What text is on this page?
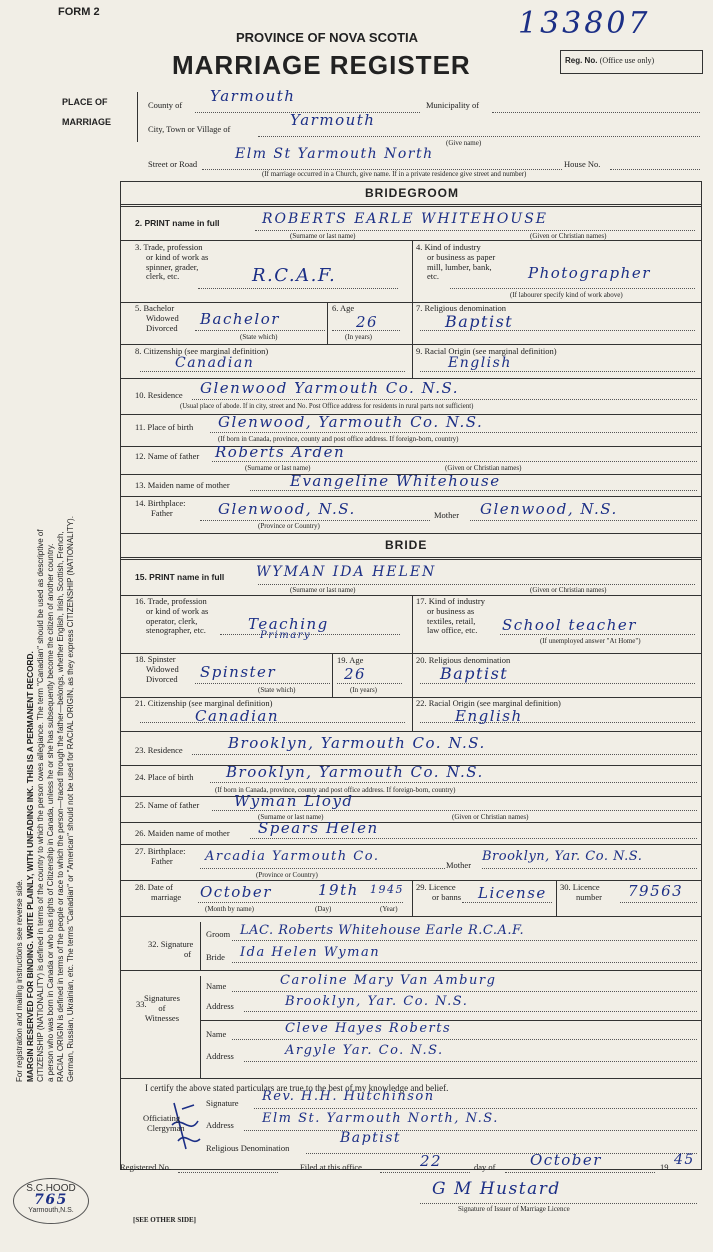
FORM 2	133807
PROVINCE OF NOVA SCOTIA
MARRIAGE REGISTER	Reg. No. (Office use only)
PLACE OF
MARRIAGE
County of Yarmouth	Municipality of
City, Town or Village of	Yarmouth
(Give name)
Street or Road
Elm St Yarmouth North
House No.
(If marriage occurred in a Church, give name. If in a private residence give street and number)
For registration and mailing instructions see reverse side. MARGIN RESERVED FOR BINDING. WRITE PLAINLY, WITH UNFADING INK. THIS IS A PERMANENT RECORD. CITIZENSHIP (NATIONALITY) is defined in terms of the country to which the person owes allegiance. The term "Canadian" should be used as descriptive of a person who was born in Canada or who has rights of Citizenship in Canada, unless he or she has subsequently become the citizen of another country. RACIAL ORIGIN is defined in terms of the people or race to which the person—traced through the father—belongs, whether English, Irish, Scottish, French, German, Russian, Ukrainian, etc. The terms "Canadian" or "American" should not be used for RACIAL ORIGIN, as they express CITIZENSHIP (NATIONALITY).
BRIDEGROOM
2. PRINT name in full	ROBERTS EARLE WHITEHOUSE
(Surname or last name)	(Given or Christian names)
3. Trade, profession
or kind of work as
spinner, grader,
clerk, etc.	R.C.A.F.
4. Kind of industry
or business as paper
mill, lumber, bank,
etc.	Photographer
(If labourer specify kind of work above)
5. Bachelor
Widowed
Divorced Bachelor
(State which)
6. Age
26
(In years)
7. Religious denomination
Baptist
8. Citizenship (see marginal definition)
Canadian
9. Racial Origin (see marginal definition)
English
10. Residence Glenwood Yarmouth Co. N.S.
(Usual place of abode. If in city, street and No. Post Office address for residents in rural parts not sufficient)
11. Place of birth Glenwood, Yarmouth Co. N.S.
(If born in Canada, province, county and post office address. If foreign-born, country)
12. Name of father Roberts Arden
(Surname or last name)	(Given or Christian names)
13. Maiden name of mother	Evangeline Whitehouse
14. Birthplace:
Father	Glenwood, N.S.
(Province or Country)
Mother Glenwood, N.S.
BRIDE
15. PRINT name in full WYMAN IDA HELEN
(Surname or last name)	(Given or Christian names)
16. Trade, profession
or kind of work as
operator, clerk,
stenographer, etc.	Teaching
Primary
17. Kind of industry
or business as
textiles, retail,
law office, etc.	School teacher
(If unemployed answer "At Home")
18. Spinster
Widowed
Divorced Spinster
(State which)
19. Age
26
(In years)
20. Religious denomination
Baptist
21. Citizenship (see marginal definition)
Canadian
22. Racial Origin (see marginal definition)
English
23. Residence	Brooklyn, Yarmouth Co. N.S.
24. Place of birth Brooklyn, Yarmouth Co. N.S.
(If born in Canada, province, county and post office address. If foreign-born, country)
25. Name of father Wyman Lloyd
(Surname or last name)	(Given or Christian names)
26. Maiden name of mother Spears Helen
27. Birthplace:
Father	Arcadia Yarmouth Co.
(Province or Country)
Mother
Brooklyn, Yar. Co. N.S.
28. Date of
marriage October	19th 1945
(Month by name)	(Day)	(Year)
29. Licence
or banns License 30. Licence
number 79563
32. Signature
of
Groom LAC. Roberts Whitehouse Earle R.C.A.F.
Bride Ida Helen Wyman
33.
Signatures
of
Witnesses
Name	Caroline Mary Van Amburg
Address	Brooklyn, Yar. Co. N.S.
Name	Cleve Hayes Roberts
Address	Argyle Yar. Co. N.S.
I certify the above stated particulars are true to the best of my knowledge and belief.
Officiating
Clergyman
Signature Rev. H.H. Hutchinson
Address Elm St. Yarmouth North, N.S.
Religious Denomination
Baptist
Registered No.	Filed at this office	22	day of October	19 45
G M Hustard
Signature of Issuer of Marriage Licence
[SEE OTHER SIDE]
S.C.HOOD
765
Yarmouth,N.S.
